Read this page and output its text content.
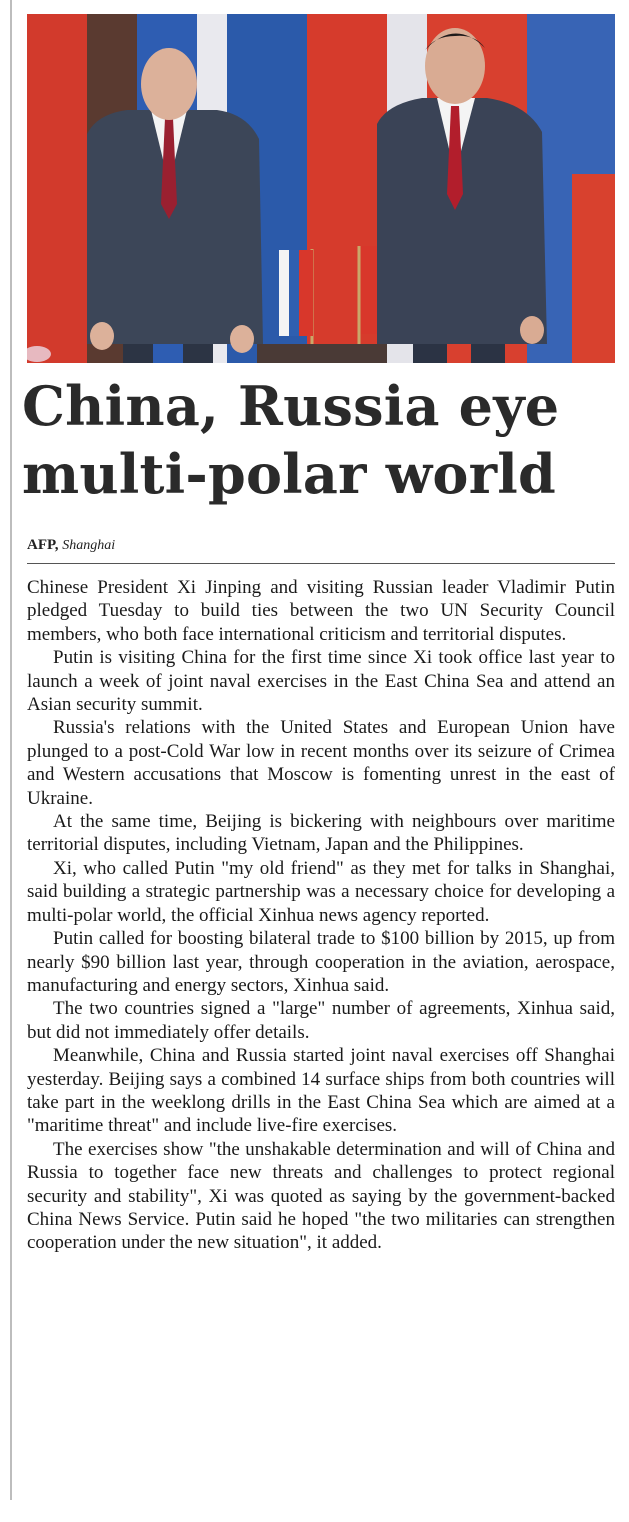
China, Russia eye multi-polar world
AFP, Shanghai

Chinese President Xi Jinping and visiting Russian leader Vladimir Putin pledged Tuesday to build ties between the two UN Security Council members, who both face international criticism and territorial disputes.

Putin is visiting China for the first time since Xi took office last year to launch a week of joint naval exercises in the East China Sea and attend an Asian security summit.

Russia's relations with the United States and European Union have plunged to a post-Cold War low in recent months over its seizure of Crimea and Western accusations that Moscow is fomenting unrest in the east of Ukraine.

At the same time, Beijing is bickering with neighbours over maritime territorial disputes, including Vietnam, Japan and the Philippines.

Xi, who called Putin "my old friend" as they met for talks in Shanghai, said building a strategic partnership was a necessary choice for developing a multi-polar world, the official Xinhua news agency reported.

Putin called for boosting bilateral trade to $100 billion by 2015, up from nearly $90 billion last year, through cooperation in the aviation, aerospace, manufacturing and energy sectors, Xinhua said.

The two countries signed a "large" number of agreements, Xinhua said, but did not immediately offer details.

Meanwhile, China and Russia started joint naval exercises off Shanghai yesterday. Beijing says a combined 14 surface ships from both countries will take part in the weeklong drills in the East China Sea which are aimed at a "maritime threat" and include live-fire exercises.

The exercises show "the unshakable determination and will of China and Russia to together face new threats and challenges to protect regional security and stability", Xi was quoted as saying by the government-backed China News Service. Putin said he hoped "the two militaries can strengthen cooperation under the new situation", it added.
